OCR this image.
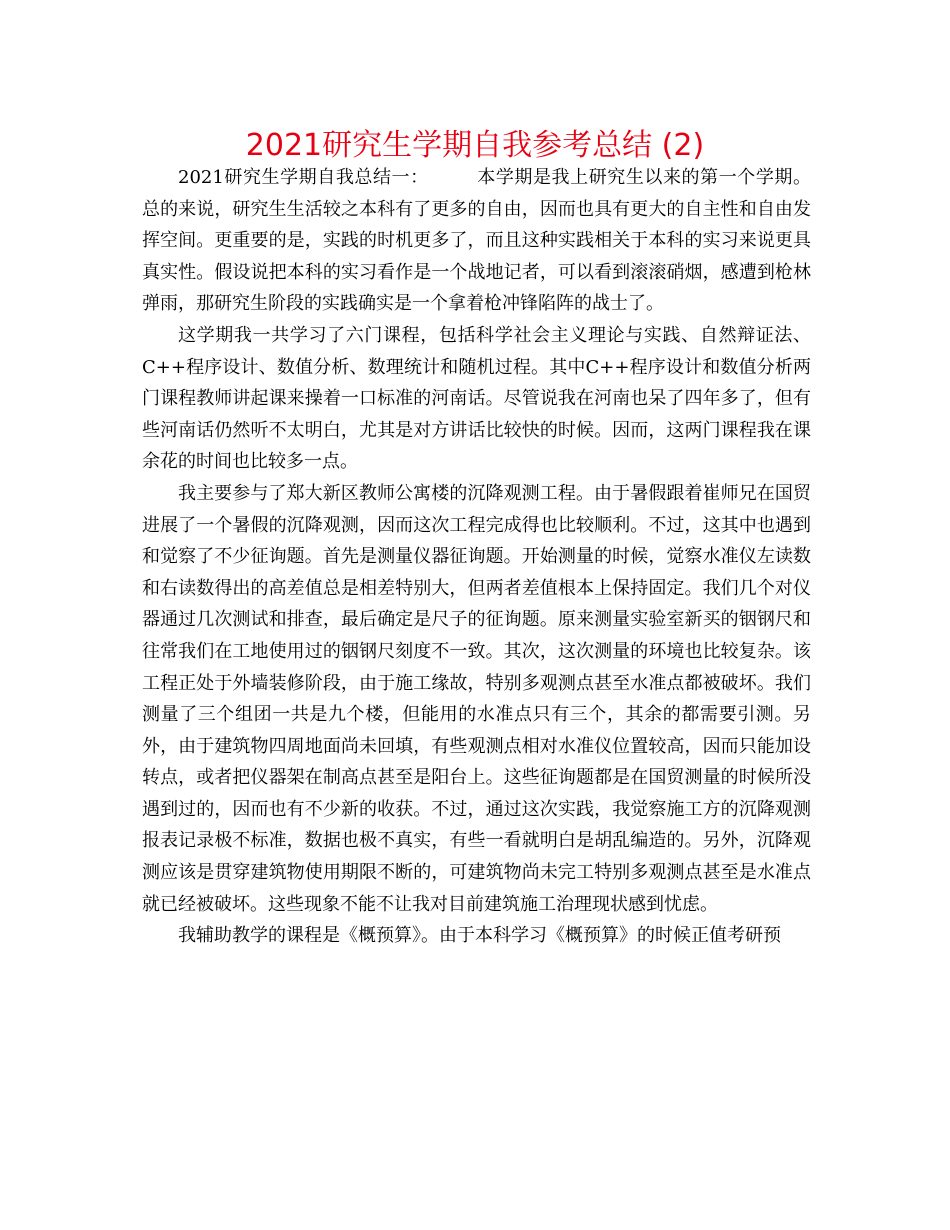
2021研究生学期自我参考总结 (2)

2021研究生学期自我总结一：	本学期是我上研究生以来的第一个学期。总的来说，研究生生活较之本科有了更多的自由，因而也具有更大的自主性和自由发挥空间。更重要的是，实践的时机更多了，而且这种实践相关于本科的实习来说更具真实性。假设说把本科的实习看作是一个战地记者，可以看到滚滚硝烟，感遭到枪林弹雨，那研究生阶段的实践确实是一个拿着枪冲锋陷阵的战士了。

这学期我一共学习了六门课程，包括科学社会主义理论与实践、自然辩证法、C++程序设计、数值分析、数理统计和随机过程。其中C++程序设计和数值分析两门课程教师讲起课来操着一口标准的河南话。尽管说我在河南也呆了四年多了，但有些河南话仍然听不太明白，尤其是对方讲话比较快的时候。因而，这两门课程我在课余花的时间也比较多一点。

我主要参与了郑大新区教师公寓楼的沉降观测工程。由于暑假跟着崔师兄在国贸进展了一个暑假的沉降观测，因而这次工程完成得也比较顺利。不过，这其中也遇到和觉察了不少征询题。首先是测量仪器征询题。开始测量的时候，觉察水准仪左读数和右读数得出的高差值总是相差特别大，但两者差值根本上保持固定。我们几个对仪器通过几次测试和排查，最后确定是尺子的征询题。原来测量实验室新买的铟钢尺和往常我们在工地使用过的铟钢尺刻度不一致。其次，这次测量的环境也比较复杂。该工程正处于外墙装修阶段，由于施工缘故，特别多观测点甚至水准点都被破坏。我们测量了三个组团一共是九个楼，但能用的水准点只有三个，其余的都需要引测。另外，由于建筑物四周地面尚未回填，有些观测点相对水准仪位置较高，因而只能加设转点，或者把仪器架在制高点甚至是阳台上。这些征询题都是在国贸测量的时候所没遇到过的，因而也有不少新的收获。不过，通过这次实践，我觉察施工方的沉降观测报表记录极不标准，数据也极不真实，有些一看就明白是胡乱编造的。另外，沉降观测应该是贯穿建筑物使用期限不断的，可建筑物尚未完工特别多观测点甚至是水准点就已经被破坏。这些现象不能不让我对目前建筑施工治理现状感到忧虑。

我辅助教学的课程是《概预算》。由于本科学习《概预算》的时候正值考研预
